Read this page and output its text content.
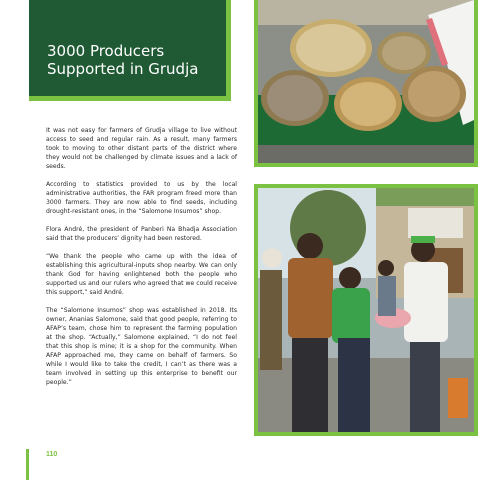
3000 Producers
Supported in Grudja

It was not easy for farmers of Grudja village to live without access to seed and regular rain. As a result, many farmers took to moving to other distant parts of the district where they would not be challenged by climate issues and a lack of seeds.

According to statistics provided to us by the local administrative authorities, the FAR program freed more than 3000 farmers. They are now able to find seeds, including drought-resistant ones, in the “Salomone Insumos” shop.

Flora André, the president of Panberi Na Bhadja Association said that the producers’ dignity had been restored.

“We thank the people who came up with the idea of establishing this agricultural-inputs shop nearby. We can only thank God for having enlightened both the people who supported us and our rulers who agreed that we could receive this support,” said André.

The “Salomone Insumos” shop was established in 2018. Its owner, Ananias Salomone, said that good people, referring to AFAP’s team, chose him to represent the farming population at the shop. “Actually,” Salomone explained, “I do not feel that this shop is mine; it is a shop for the community. When AFAP approached me, they came on behalf of farmers. So while I would like to take the credit, I can’t as there was a team involved in setting up this enterprise to benefit our people.”

110
